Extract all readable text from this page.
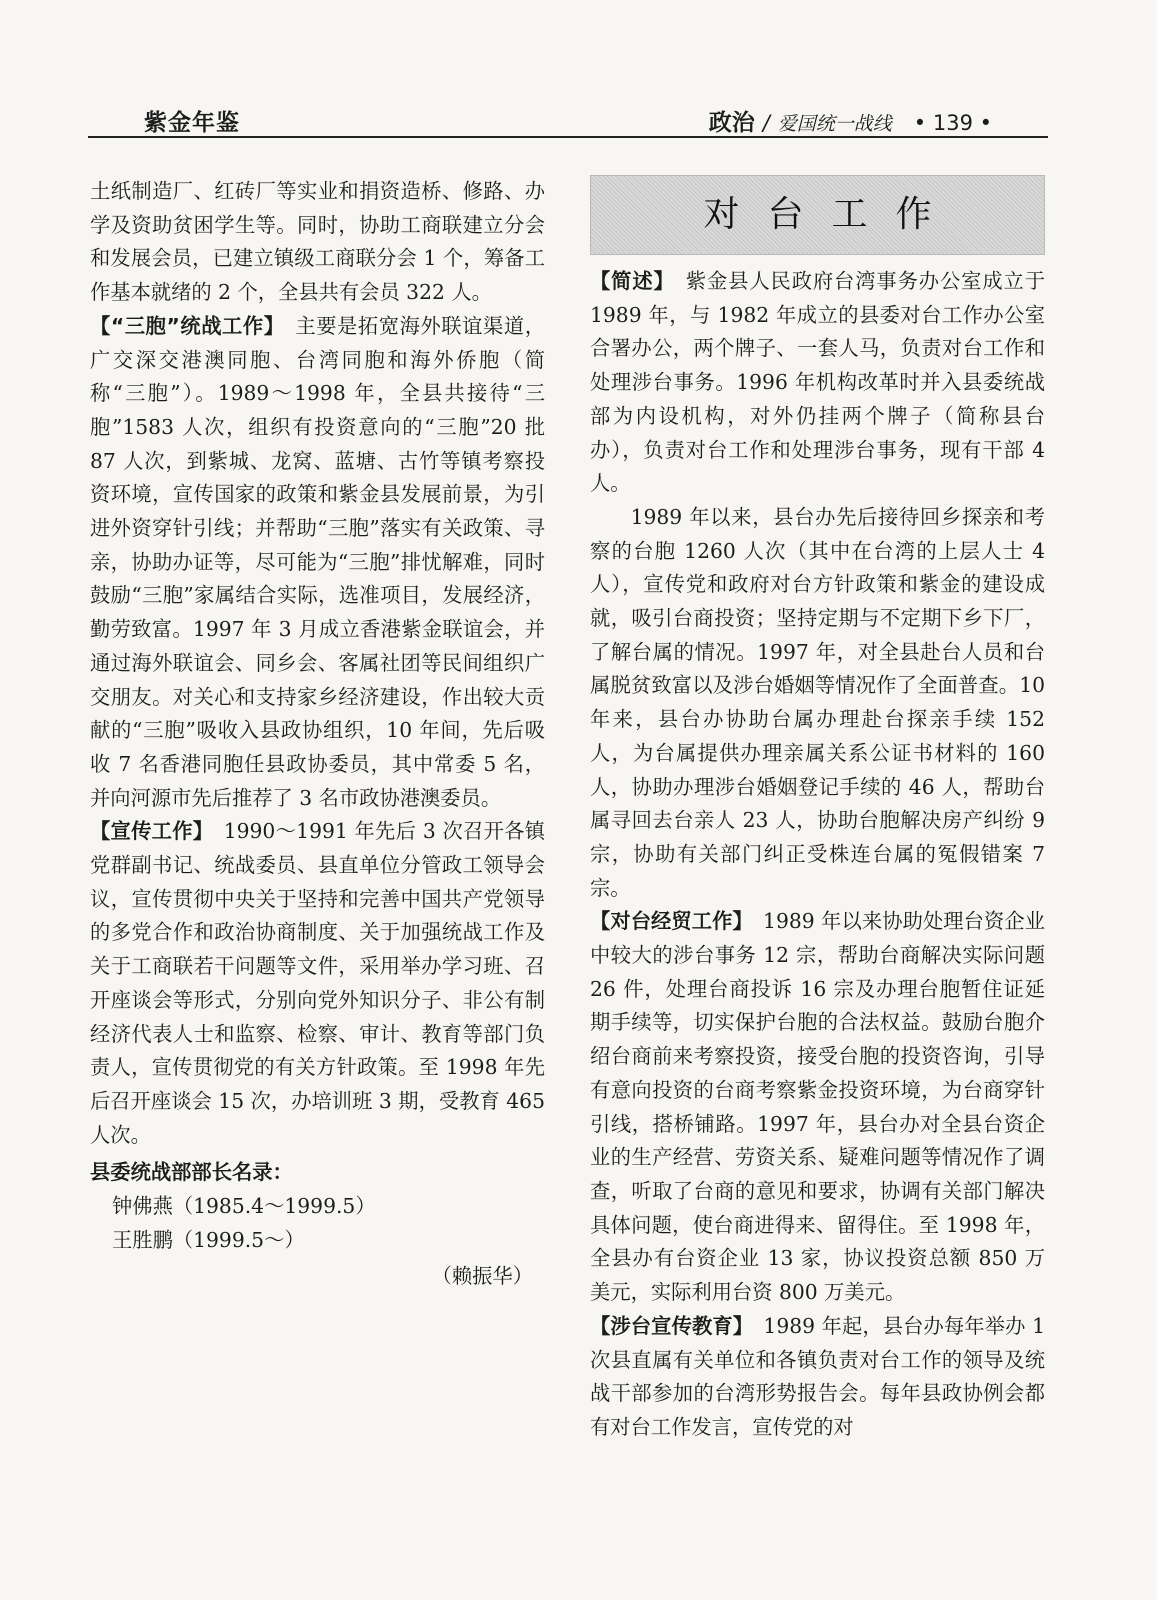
紫金年鉴	政治 / 爱国统一战线 • 139 •

土纸制造厂、红砖厂等实业和捐资造桥、修路、办学及资助贫困学生等。同时，协助工商联建立分会和发展会员，已建立镇级工商联分会 1 个，筹备工作基本就绪的 2 个，全县共有会员 322 人。

【“三胞”统战工作】　主要是拓宽海外联谊渠道，广交深交港澳同胞、台湾同胞和海外侨胞（简称“三胞”）。1989～1998 年，全县共接待“三胞”1583 人次，组织有投资意向的“三胞”20 批 87 人次，到紫城、龙窝、蓝塘、古竹等镇考察投资环境，宣传国家的政策和紫金县发展前景，为引进外资穿针引线；并帮助“三胞”落实有关政策、寻亲，协助办证等，尽可能为“三胞”排忧解难，同时鼓励“三胞”家属结合实际，选准项目，发展经济，勤劳致富。1997 年 3 月成立香港紫金联谊会，并通过海外联谊会、同乡会、客属社团等民间组织广交朋友。对关心和支持家乡经济建设，作出较大贡献的“三胞”吸收入县政协组织，10 年间，先后吸收 7 名香港同胞任县政协委员，其中常委 5 名，并向河源市先后推荐了 3 名市政协港澳委员。

【宣传工作】　1990～1991 年先后 3 次召开各镇党群副书记、统战委员、县直单位分管政工领导会议，宣传贯彻中央关于坚持和完善中国共产党领导的多党合作和政治协商制度、关于加强统战工作及关于工商联若干问题等文件，采用举办学习班、召开座谈会等形式，分别向党外知识分子、非公有制经济代表人士和监察、检察、审计、教育等部门负责人，宣传贯彻党的有关方针政策。至 1998 年先后召开座谈会 15 次，办培训班 3 期，受教育 465 人次。

县委统战部部长名录：

钟佛燕（1985.4～1999.5）

王胜鹏（1999.5～）

（赖振华）

对台工作

【简述】　紫金县人民政府台湾事务办公室成立于 1989 年，与 1982 年成立的县委对台工作办公室合署办公，两个牌子、一套人马，负责对台工作和处理涉台事务。1996 年机构改革时并入县委统战部为内设机构，对外仍挂两个牌子（简称县台办），负责对台工作和处理涉台事务，现有干部 4 人。

1989 年以来，县台办先后接待回乡探亲和考察的台胞 1260 人次（其中在台湾的上层人士 4 人），宣传党和政府对台方针政策和紫金的建设成就，吸引台商投资；坚持定期与不定期下乡下厂，了解台属的情况。1997 年，对全县赴台人员和台属脱贫致富以及涉台婚姻等情况作了全面普查。10 年来，县台办协助台属办理赴台探亲手续 152 人，为台属提供办理亲属关系公证书材料的 160 人，协助办理涉台婚姻登记手续的 46 人，帮助台属寻回去台亲人 23 人，协助台胞解决房产纠纷 9 宗，协助有关部门纠正受株连台属的冤假错案 7 宗。

【对台经贸工作】　1989 年以来协助处理台资企业中较大的涉台事务 12 宗，帮助台商解决实际问题 26 件，处理台商投诉 16 宗及办理台胞暂住证延期手续等，切实保护台胞的合法权益。鼓励台胞介绍台商前来考察投资，接受台胞的投资咨询，引导有意向投资的台商考察紫金投资环境，为台商穿针引线，搭桥铺路。1997 年，县台办对全县台资企业的生产经营、劳资关系、疑难问题等情况作了调查，听取了台商的意见和要求，协调有关部门解决具体问题，使台商进得来、留得住。至 1998 年，全县办有台资企业 13 家，协议投资总额 850 万美元，实际利用台资 800 万美元。

【涉台宣传教育】　1989 年起，县台办每年举办 1 次县直属有关单位和各镇负责对台工作的领导及统战干部参加的台湾形势报告会。每年县政协例会都有对台工作发言，宣传党的对
